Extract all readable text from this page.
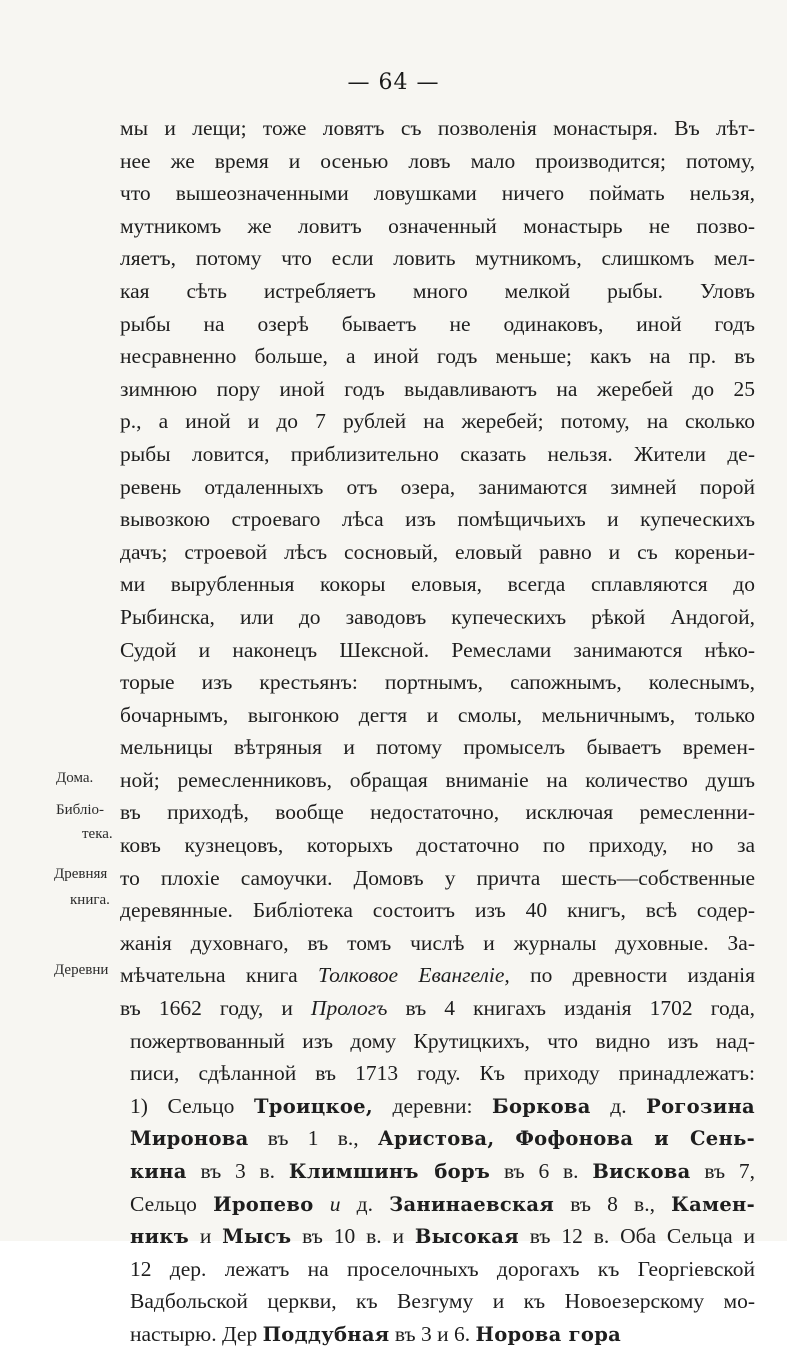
— 64 —
Дома.
Библіо-
тека.
Древняя
книга.
Деревни
мы и лещи; тоже ловятъ съ позволенія монастыря. Въ лѣт-
нее же время и осенью ловъ мало производится; потому,
что вышеозначенными ловушками ничего поймать нельзя,
мутникомъ же ловитъ означенный монастырь не позво-
ляетъ, потому что если ловить мутникомъ, слишкомъ мел-
кая сѣть истребляетъ много мелкой рыбы. Уловъ
рыбы на озерѣ бываетъ не одинаковъ, иной годъ
несравненно больше, а иной годъ меньше; какъ на пр. въ
зимнюю пору иной годъ выдавливаютъ на жеребей до 25
р., а иной и до 7 рублей на жеребей; потому, на сколько
рыбы ловится, приблизительно сказать нельзя. Жители де-
ревень отдаленныхъ отъ озера, занимаются зимней порой
вывозкою строеваго лѣса изъ помѣщичьихъ и купеческихъ
дачъ; строевой лѣсъ сосновый, еловый равно и съ кореньи-
ми вырубленныя кокоры еловыя, всегда сплавляются до
Рыбинска, или до заводовъ купеческихъ рѣкой Андогой,
Судой и наконецъ Шексной. Ремеслами занимаются нѣко-
торые изъ крестьянъ: портнымъ, сапожнымъ, колеснымъ,
бочарнымъ, выгонкою дегтя и смолы, мельничнымъ, только
мельницы вѣтряныя и потому промыселъ бываетъ времен-
ной; ремесленниковъ, обращая вниманіе на количество душъ
въ приходѣ, вообще недостаточно, исключая ремесленни-
ковъ кузнецовъ, которыхъ достаточно по приходу, но за
то плохіе самоучки. Домовъ у причта шесть—собственные
деревянные. Библіотека состоитъ изъ 40 книгъ, всѣ содер-
жанія духовнаго, въ томъ числѣ и журналы духовные. За-
мѣчательна книга Толковое Евангеліе, по древности изданія
въ 1662 году, и Прологъ въ 4 книгахъ изданія 1702 года,
пожертвованный изъ дому Крутицкихъ, что видно изъ над-
писи, сдѣланной въ 1713 году. Къ приходу принадлежатъ:
1) Сельцо Троицкое, деревни: Боркова д. Рогозина
Миронова въ 1 в., Аристова, Фофонова и Сень-
кина въ 3 в. Климшинъ боръ въ 6 в. Вискова въ 7,
Сельцо Иропево и д. Занинаевская въ 8 в., Камен-
никъ и Мысъ въ 10 в. и Высокая въ 12 в. Оба Сельца и
12 дер. лежатъ на проселочныхъ дорогахъ къ Георгіевской
Вадбольской церкви, къ Везгуму и къ Новоезерскому мо-
настырю. Дер Поддубная въ 3 и 6. Норова гора
